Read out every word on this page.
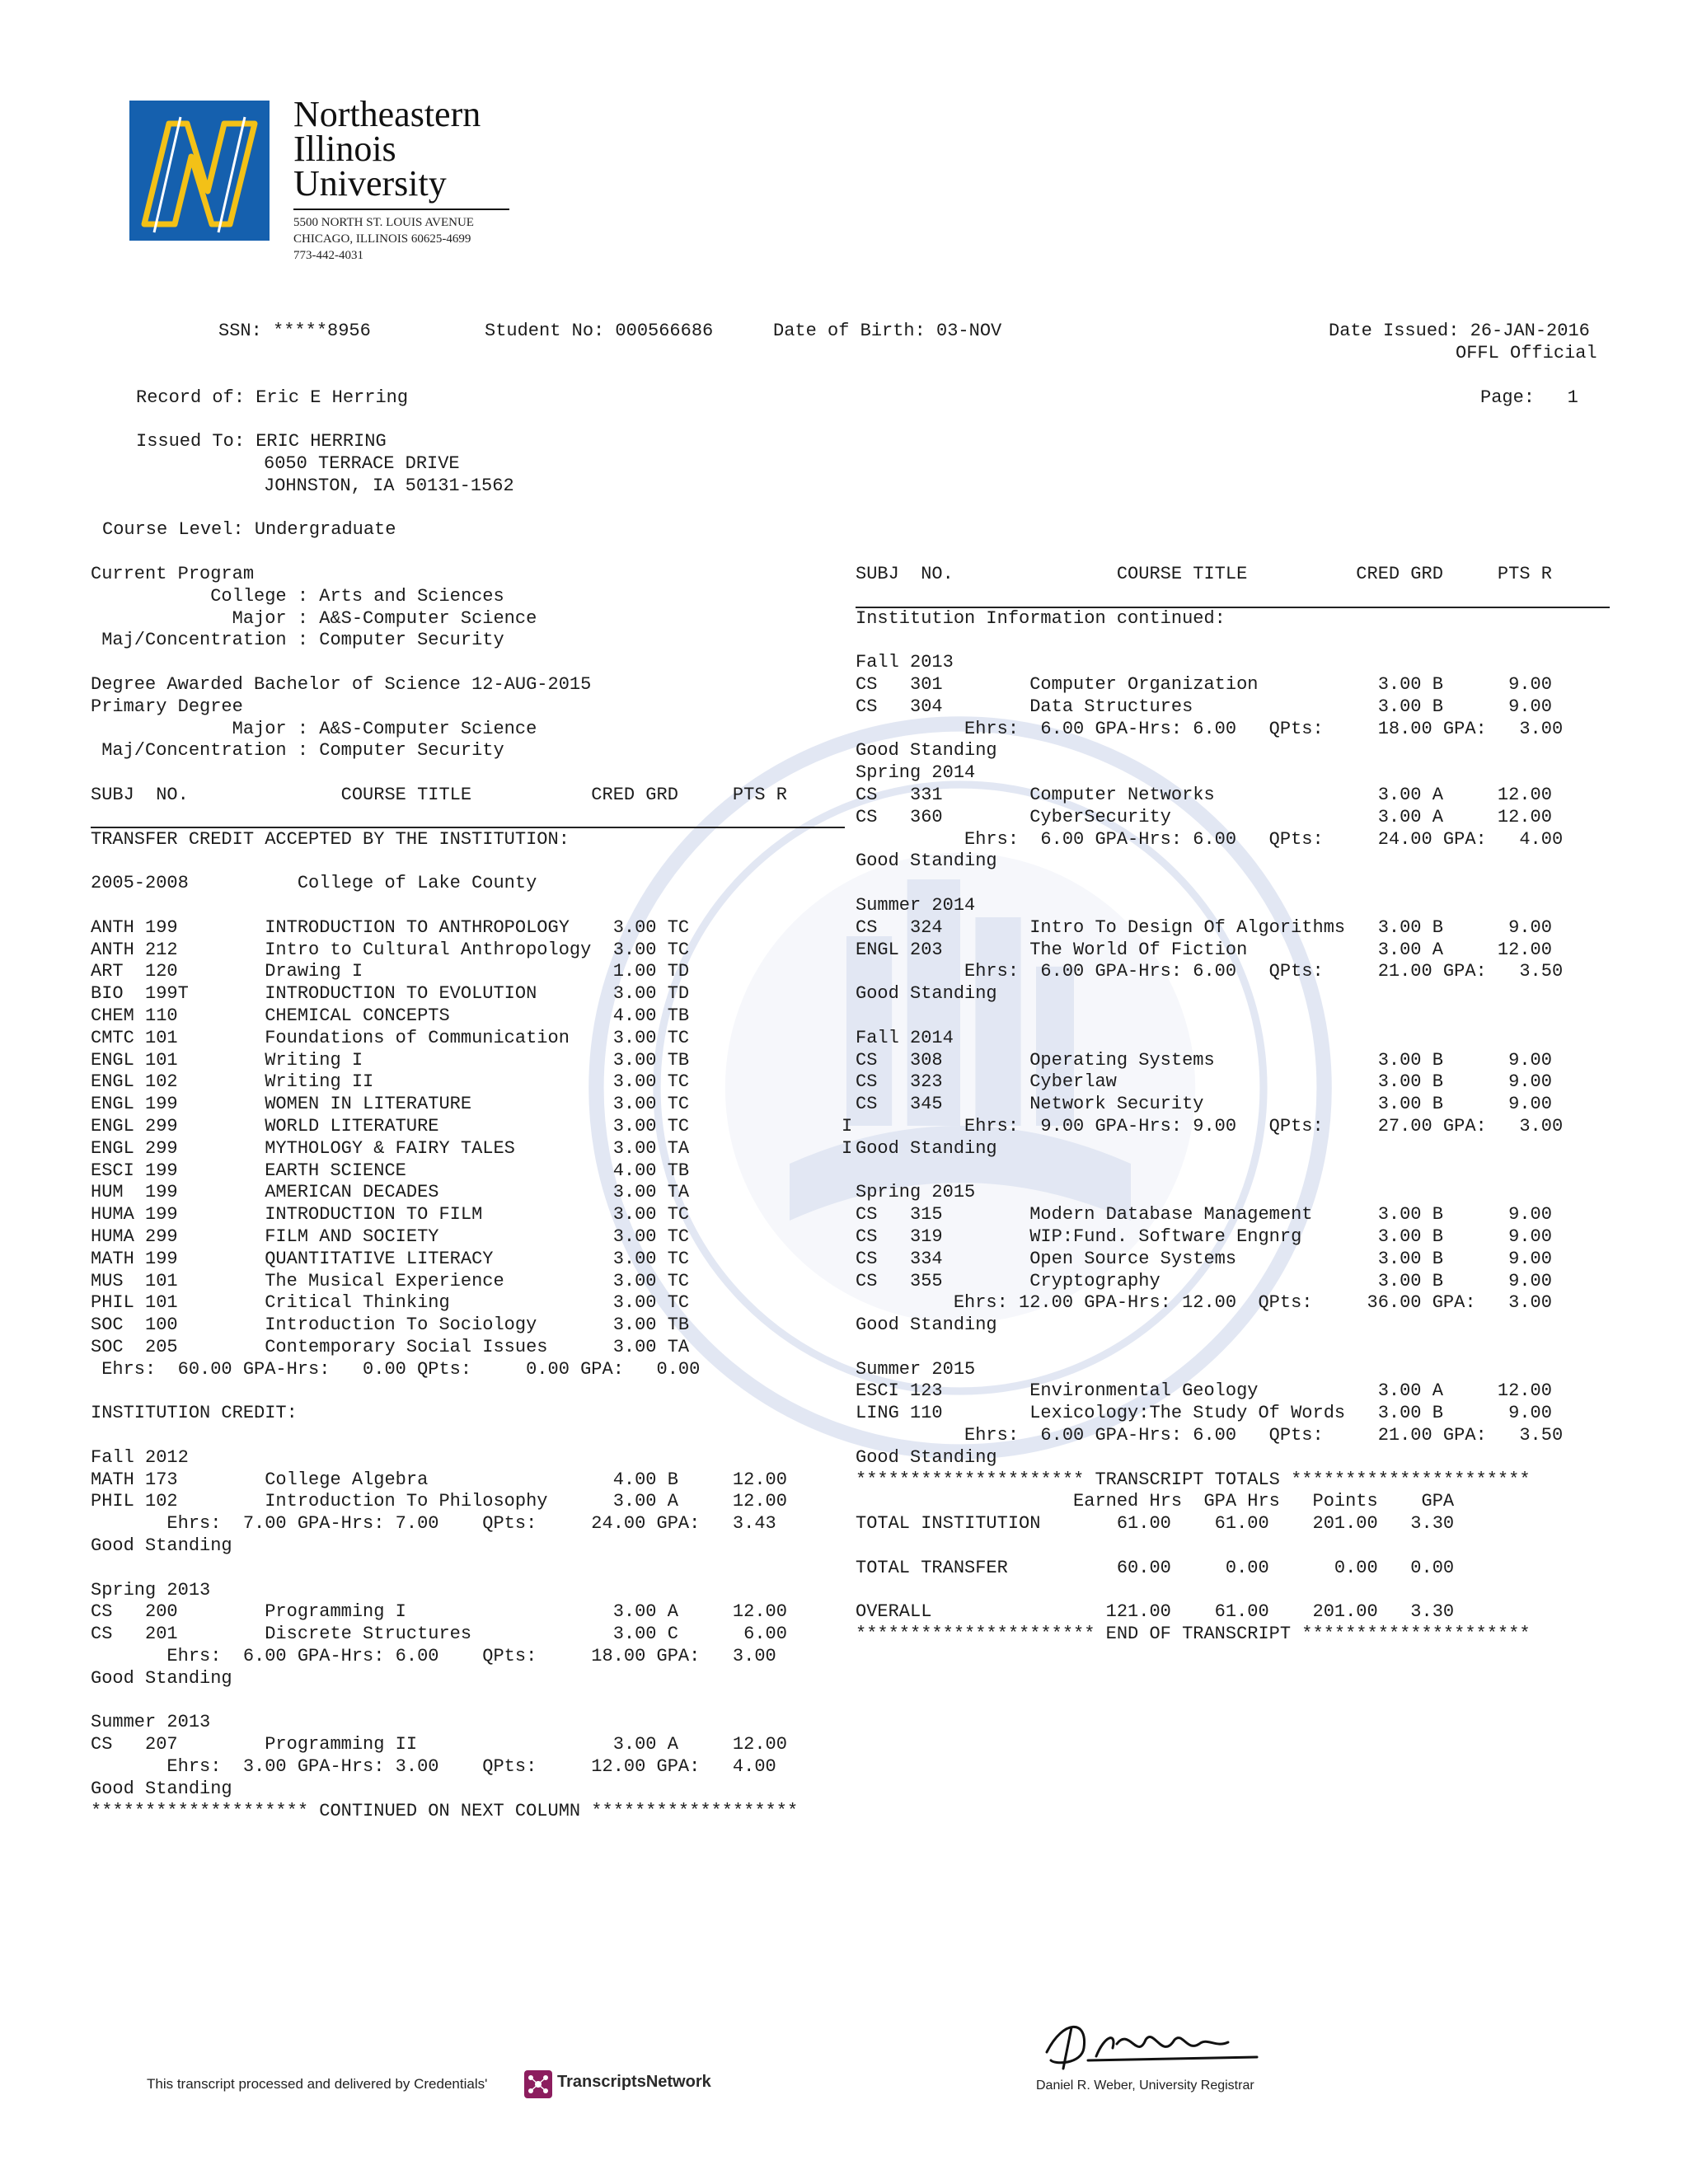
Northeastern
Illinois
University
5500 NORTH ST. LOUIS AVENUE
CHICAGO, ILLINOIS 60625-4699
773-442-4031
SSN: *****8956	Student No: 000566686	Date of Birth: 03-NOV	Date Issued: 26-JAN-2016
OFFL Official
Record of: Eric E Herring	Page:   1
Issued To: ERIC HERRING
6050 TERRACE DRIVE
JOHNSTON, IA 50131-1562
Course Level: Undergraduate
Current Program
College : Arts and Sciences
Major : A&S-Computer Science
Maj/Concentration : Computer Security
Degree Awarded Bachelor of Science 12-AUG-2015
Primary Degree
Major : A&S-Computer Science
Maj/Concentration : Computer Security
SUBJ  NO.              COURSE TITLE           CRED GRD     PTS R
TRANSFER CREDIT ACCEPTED BY THE INSTITUTION:
2005-2008          College of Lake County
ANTH 199        INTRODUCTION TO ANTHROPOLOGY    3.00 TC
ANTH 212        Intro to Cultural Anthropology  3.00 TC
ART  120        Drawing I                       1.00 TD
BIO  199T       INTRODUCTION TO EVOLUTION       3.00 TD
CHEM 110        CHEMICAL CONCEPTS               4.00 TB
CMTC 101        Foundations of Communication    3.00 TC
ENGL 101        Writing I                       3.00 TB
ENGL 102        Writing II                      3.00 TC
ENGL 199        WOMEN IN LITERATURE             3.00 TC
ENGL 299        WORLD LITERATURE                3.00 TC              I
ENGL 299        MYTHOLOGY & FAIRY TALES         3.00 TA              I
ESCI 199        EARTH SCIENCE                   4.00 TB
HUM  199        AMERICAN DECADES                3.00 TA
HUMA 199        INTRODUCTION TO FILM            3.00 TC
HUMA 299        FILM AND SOCIETY                3.00 TC
MATH 199        QUANTITATIVE LITERACY           3.00 TC
MUS  101        The Musical Experience          3.00 TC
PHIL 101        Critical Thinking               3.00 TC
SOC  100        Introduction To Sociology       3.00 TB
SOC  205        Contemporary Social Issues      3.00 TA
Ehrs:  60.00 GPA-Hrs:   0.00 QPts:     0.00 GPA:   0.00
INSTITUTION CREDIT:
Fall 2012
MATH 173        College Algebra                 4.00 B     12.00
PHIL 102        Introduction To Philosophy      3.00 A     12.00
Ehrs:  7.00 GPA-Hrs: 7.00    QPts:     24.00 GPA:   3.43
Good Standing
Spring 2013
CS   200        Programming I                   3.00 A     12.00
CS   201        Discrete Structures             3.00 C      6.00
Ehrs:  6.00 GPA-Hrs: 6.00    QPts:     18.00 GPA:   3.00
Good Standing
Summer 2013
CS   207        Programming II                  3.00 A     12.00
Ehrs:  3.00 GPA-Hrs: 3.00    QPts:     12.00 GPA:   4.00
Good Standing
******************** CONTINUED ON NEXT COLUMN *******************
SUBJ  NO.               COURSE TITLE          CRED GRD     PTS R
Institution Information continued:
Fall 2013
CS   301        Computer Organization           3.00 B      9.00
CS   304        Data Structures                 3.00 B      9.00
Ehrs:  6.00 GPA-Hrs: 6.00   QPts:     18.00 GPA:   3.00
Good Standing
Spring 2014
CS   331        Computer Networks               3.00 A     12.00
CS   360        CyberSecurity                   3.00 A     12.00
Ehrs:  6.00 GPA-Hrs: 6.00   QPts:     24.00 GPA:   4.00
Good Standing
Summer 2014
CS   324        Intro To Design Of Algorithms   3.00 B      9.00
ENGL 203        The World Of Fiction            3.00 A     12.00
Ehrs:  6.00 GPA-Hrs: 6.00   QPts:     21.00 GPA:   3.50
Good Standing
Fall 2014
CS   308        Operating Systems               3.00 B      9.00
CS   323        Cyberlaw                        3.00 B      9.00
CS   345        Network Security                3.00 B      9.00
Ehrs:  9.00 GPA-Hrs: 9.00   QPts:     27.00 GPA:   3.00
Good Standing
Spring 2015
CS   315        Modern Database Management      3.00 B      9.00
CS   319        WIP:Fund. Software Engnrg       3.00 B      9.00
CS   334        Open Source Systems             3.00 B      9.00
CS   355        Cryptography                    3.00 B      9.00
Ehrs: 12.00 GPA-Hrs: 12.00  QPts:     36.00 GPA:   3.00
Good Standing
Summer 2015
ESCI 123        Environmental Geology           3.00 A     12.00
LING 110        Lexicology:The Study Of Words   3.00 B      9.00
Ehrs:  6.00 GPA-Hrs: 6.00   QPts:     21.00 GPA:   3.50
Good Standing
********************* TRANSCRIPT TOTALS **********************
Earned Hrs  GPA Hrs   Points    GPA
TOTAL INSTITUTION       61.00    61.00    201.00   3.30
TOTAL TRANSFER          60.00     0.00      0.00   0.00
OVERALL                121.00    61.00    201.00   3.30
********************** END OF TRANSCRIPT *********************
This transcript processed and delivered by Credentials'	TranscriptsNetwork	Daniel R. Weber, University Registrar
